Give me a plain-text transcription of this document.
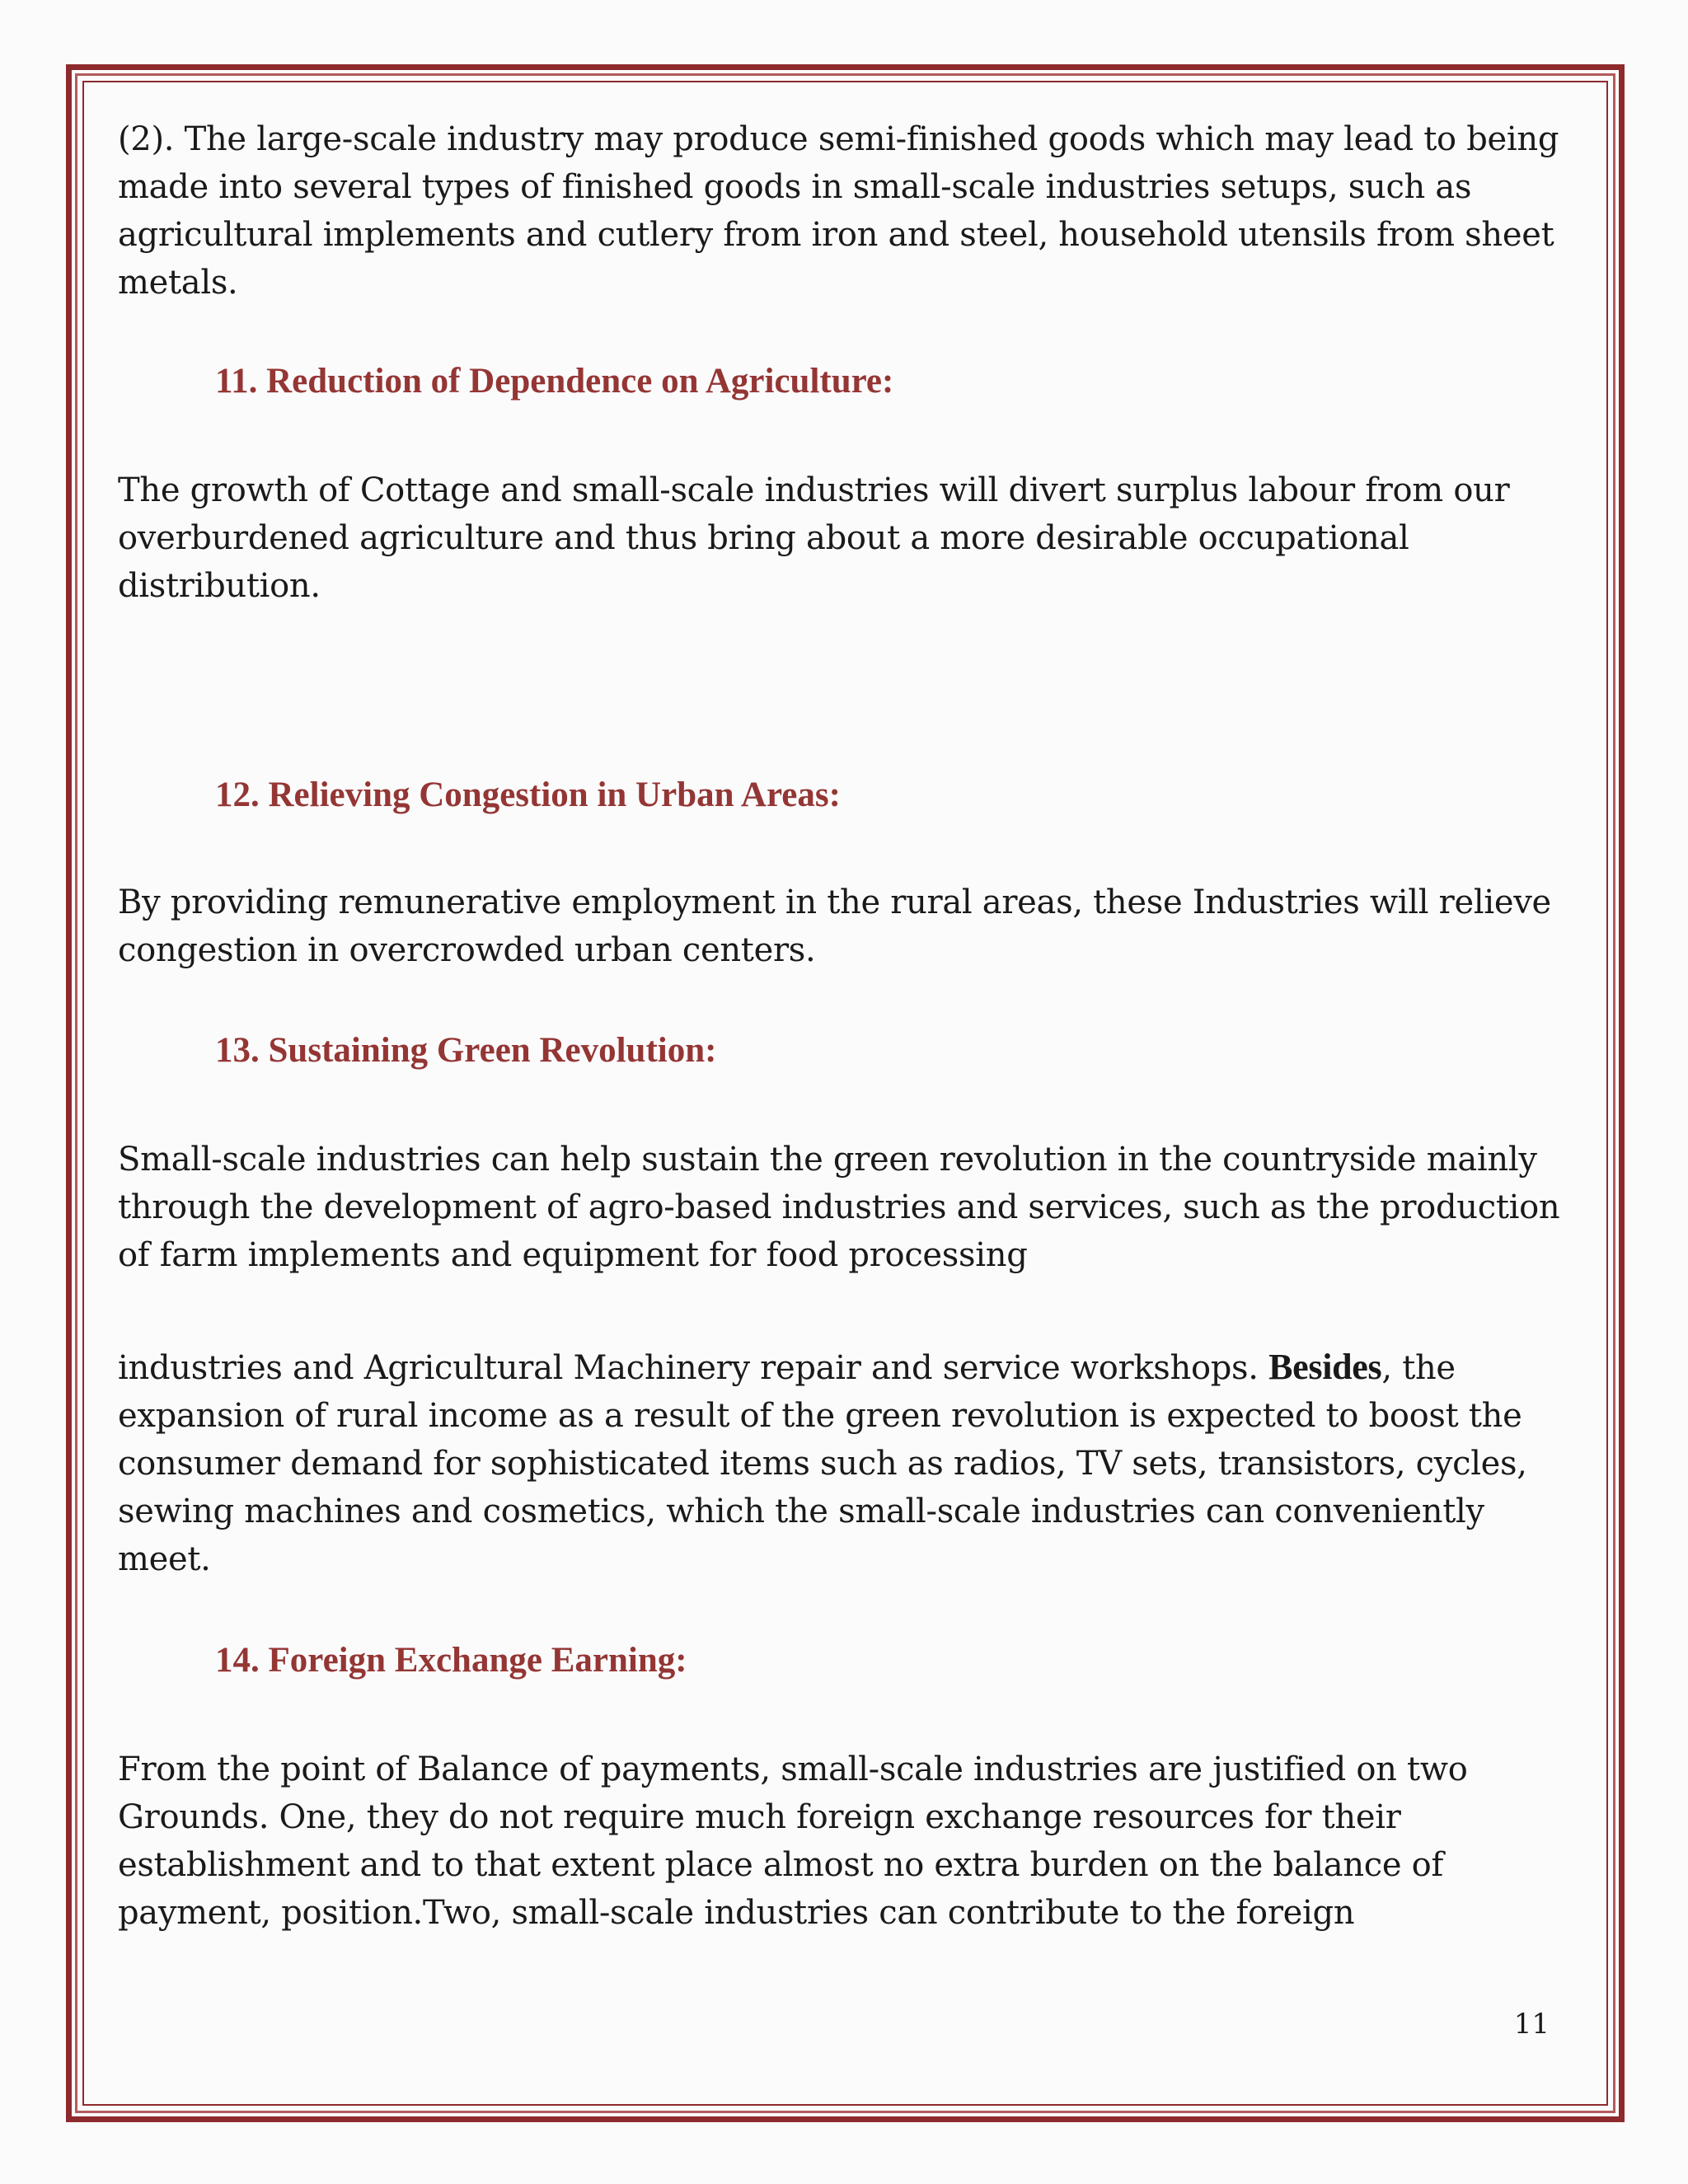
(2). The large-scale industry may produce semi-finished goods which may lead to being made into several types of finished goods in small-scale industries setups, such as agricultural implements and cutlery from iron and steel, household utensils from sheet metals.

11. Reduction of Dependence on Agriculture:

The growth of Cottage and small-scale industries will divert surplus labour from our overburdened agriculture and thus bring about a more desirable occupational distribution.

12. Relieving Congestion in Urban Areas:

By providing remunerative employment in the rural areas, these Industries will relieve congestion in overcrowded urban centers.

13. Sustaining Green Revolution:

Small-scale industries can help sustain the green revolution in the countryside mainly through the development of agro-based industries and services, such as the production of farm implements and equipment for food processing

industries and Agricultural Machinery repair and service workshops. Besides, the expansion of rural income as a result of the green revolution is expected to boost the consumer demand for sophisticated items such as radios, TV sets, transistors, cycles, sewing machines and cosmetics, which the small-scale industries can conveniently meet.

14. Foreign Exchange Earning:

From the point of Balance of payments, small-scale industries are justified on two Grounds. One, they do not require much foreign exchange resources for their establishment and to that extent place almost no extra burden on the balance of payment, position.Two, small-scale industries can contribute to the foreign

11
